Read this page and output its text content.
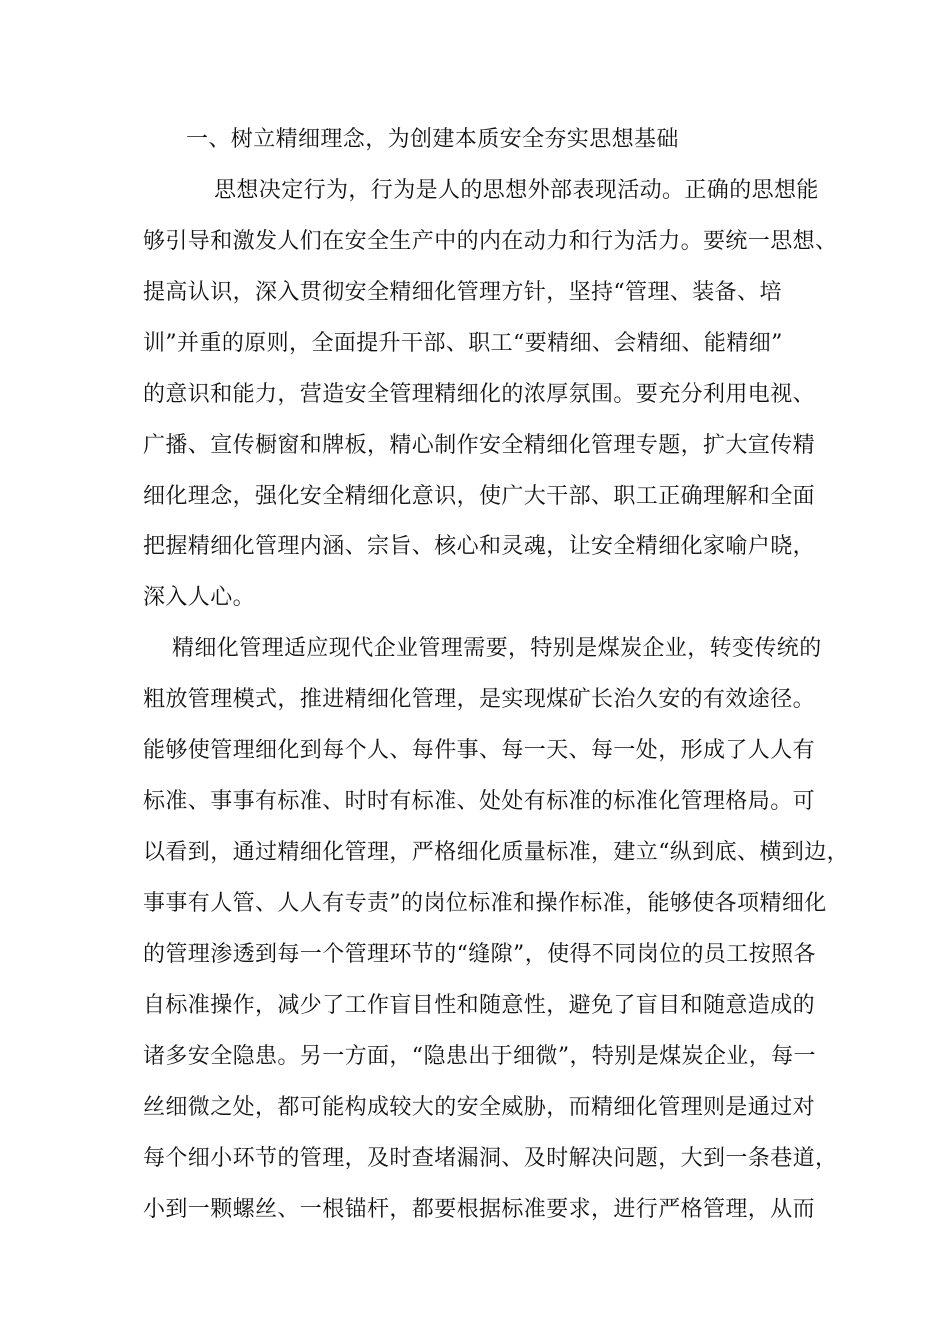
一、树立精细理念，为创建本质安全夯实思想基础
思想决定行为，行为是人的思想外部表现活动。正确的思想能
够引导和激发人们在安全生产中的内在动力和行为活力。要统一思想、
提高认识，深入贯彻安全精细化管理方针，坚持“管理、装备、培
训”并重的原则，全面提升干部、职工“要精细、会精细、能精细”
的意识和能力，营造安全管理精细化的浓厚氛围。要充分利用电视、
广播、宣传橱窗和牌板，精心制作安全精细化管理专题，扩大宣传精
细化理念，强化安全精细化意识，使广大干部、职工正确理解和全面
把握精细化管理内涵、宗旨、核心和灵魂，让安全精细化家喻户晓，
深入人心。
精细化管理适应现代企业管理需要，特别是煤炭企业，转变传统的
粗放管理模式，推进精细化管理，是实现煤矿长治久安的有效途径。
能够使管理细化到每个人、每件事、每一天、每一处，形成了人人有
标准、事事有标准、时时有标准、处处有标准的标准化管理格局。可
以看到，通过精细化管理，严格细化质量标准，建立“纵到底、横到边，
事事有人管、人人有专责”的岗位标准和操作标准，能够使各项精细化
的管理渗透到每一个管理环节的“缝隙”，使得不同岗位的员工按照各
自标准操作，减少了工作盲目性和随意性，避免了盲目和随意造成的
诸多安全隐患。另一方面，“隐患出于细微”，特别是煤炭企业，每一
丝细微之处，都可能构成较大的安全威胁，而精细化管理则是通过对
每个细小环节的管理，及时查堵漏洞、及时解决问题，大到一条巷道，
小到一颗螺丝、一根锚杆，都要根据标准要求，进行严格管理，从而
